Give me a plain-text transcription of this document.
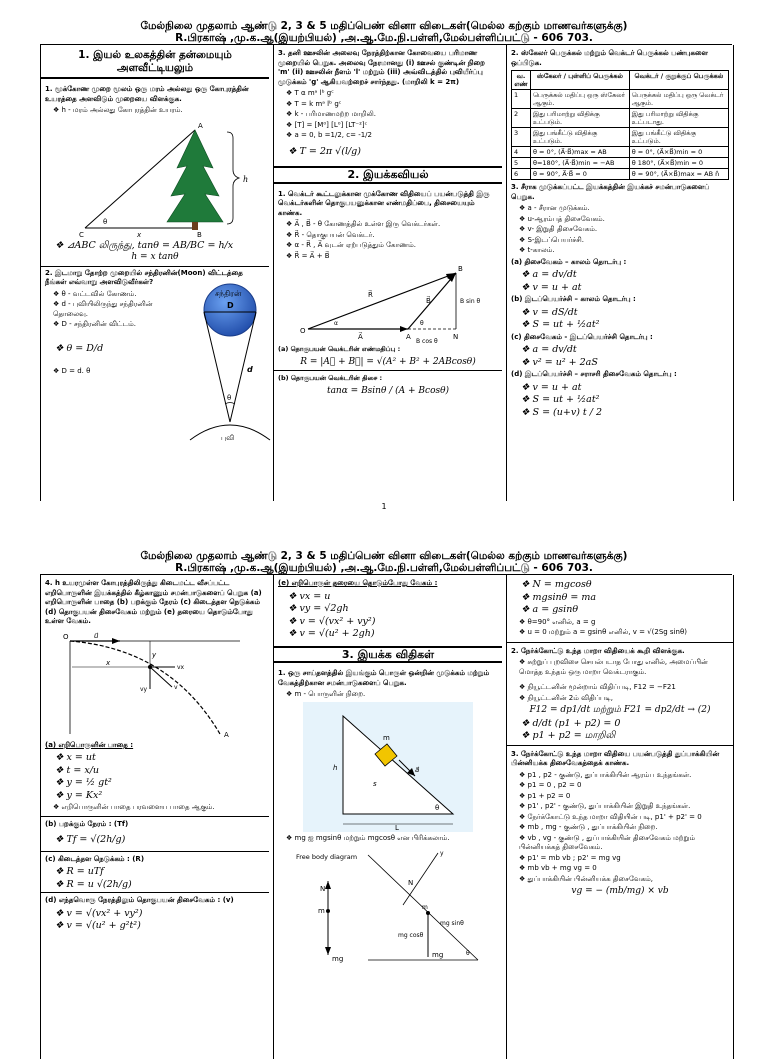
மேல்நிலை முதலாம் ஆண்டு 2, 3 & 5 மதிப்பெண் வினா விடைகள்(மெல்ல கற்கும் மாணவர்களுக்கு)
R.பிரகாஷ் ,மு.க.ஆ(இயற்பியல்) ,அ.ஆ.மே.நி.பள்ளி,மேல்பள்ளிப்பட்டு - 606 703.
1. இயல் உலகத்தின் தன்மையும் அளவீட்டியலும்
1. மூக்கோண முறை மூலம் ஒரு மரம் அல்லது ஒரு கோபுரத்தின் உயரத்தை அளவிடும் முறையை விளக்குக.
❖ h - மரம் அல்லது கோபுரத்தின் உயரம்.
h
A
C	x	B
θ
❖ ⊿ABC லிருந்து, tanθ = AB/BC = h/x
h = x tanθ
2. இடமாறு தோற்ற முறையில் சந்திரனின்(Moon) விட்டத்தை நீங்கள் எவ்வாறு அளவிடுவீர்கள்?
❖ θ - வட்டவில் கோணம்.
❖ d - புவியிலிருந்து சந்திரனின் தொலைவு.
❖ D - சந்திரனின் விட்டம்.
❖ θ = D/d
❖ D = d. θ
சந்திரன்
D
θ
d
புவி
3. தனி ஊசலின் அலைவு நேரத்திற்கான கோவையை பரிமாண முறையில் பெறுக. அலைவு நேரமானது (i) ஊசல் குண்டின் நிறை 'm' (ii) ஊசலின் நீளம் 'l' மற்றும் (iii) அவ்விடத்தில் புவியீர்ப்பு முடுக்கம் 'g' ஆகியவற்றைச் சார்ந்தது. (மாறிலி k = 2π)
❖ T α mᵃ lᵇ gᶜ
❖ T = k mᵃ lᵇ gᶜ
❖ k - பரிமாணமற்ற மாறிலி.
❖ [T] = [M⁰] [L⁰] [LT⁻²]ᶜ
❖ a = 0, b =1/2, c= -1/2
❖ T = 2π √(l/g)
2. இயக்கவியல்
1. வெக்டர் கூட்டலுக்கான முக்கோண விதியைப் பயன்படுத்தி இரு வெக்டர்களின் தொகுபயனுக்கான எண்மதிப்பை, திசையையும் காண்க.
❖ A⃗ , B⃗ - θ கோணத்தில் உள்ள இரு வெக்டர்கள்.
❖ R⃗ - தொகுபயன் வெக்டர்.
❖ α - R⃗ , A⃗ வுடன் ஏற்படுத்தும் கோணம்.
❖ R⃗ = A⃗ + B⃗
O
B
A	N
A⃗
B⃗
R⃗
α	θ
B sin θ
B cos θ
(a) தொகுபயன் வெக்டரின் எண்மதிப்பு :
R = |A⃗ + B⃗| = √(A² + B² + 2ABcosθ)
(b) தொகுபயன் வெக்டரின் திசை :
tanα = Bsinθ / (A + Bcosθ)
2. ஸ்கேலர் பெருக்கல் மற்றும் வெக்டர் பெருக்கல் பண்புகளை ஒப்பிடுக.
வ. எண்	ஸ்கேலர் / புள்ளிப் பெருக்கல்	வெக்டர் / குறுக்குப் பெருக்கல்
1	பெருக்கல் மதிப்பு ஒரு ஸ்கேலர் ஆகும்.	பெருக்கல் மதிப்பு ஒரு வெக்டர் ஆகும்.
2	இது பரிமாற்று விதிக்கு உட்படும்.	இது பரிமாற்று விதிக்கு உட்படாது.
3	இது பங்கீட்டு விதிக்கு உட்படும்.	இது பங்கீட்டு விதிக்கு உட்படும்.
4	θ = 0°, (A⃗·B⃗)max = AB	θ = 0°, (A⃗×B⃗)min = 0
5	θ=180°, (A⃗·B⃗)min = −AB	θ 180°, (A⃗×B⃗)min = 0
6	θ = 90°, A⃗·B⃗ = 0	θ = 90°, (A⃗×B⃗)max = AB n̂
3. சீராக முடுக்கப்பட்ட இயக்கத்தின் இயக்கச் சமன்பாடுகளைப் பெறுக.
❖ a - சீரான முடுக்கம்.
❖ u-ஆரம்பத் திசைவேகம்.
❖ v- இறுதி திசைவேகம்.
❖ S-இடப்பெயர்ச்சி.
❖ t-காலம்.
(a) திசைவேகம் – காலம் தொடர்பு :
❖ a = dv/dt
❖ v = u + at
(b) இடப்பெயர்ச்சி – காலம் தொடர்பு :
❖ v = dS/dt
❖ S = ut + ½at²
(c) திசைவேகம் - இடப்பெயர்ச்சி தொடர்பு :
❖ a = dv/dt
❖ v² = u² + 2aS
(d) இடப்பெயர்ச்சி – சராசரி திசைவேகம் தொடர்பு :
❖ v = u + at
❖ S = ut + ½at²
❖ S = (u+v) t / 2
1
மேல்நிலை முதலாம் ஆண்டு 2, 3 & 5 மதிப்பெண் வினா விடைகள்(மெல்ல கற்கும் மாணவர்களுக்கு)
R.பிரகாஷ் ,மு.க.ஆ(இயற்பியல்) ,அ.ஆ.மே.நி.பள்ளி,மேல்பள்ளிப்பட்டு - 606 703.
4. h உயரமுள்ள கோபுரத்திலிருந்து கிடைமட்ட வீசப்பட்ட எறிபொருளின் இயக்கத்தில் கீழ்காணும் சமன்பாடுகளைப் பெறுக (a) எறிபொருளின் பாதை (b) பறக்கும் நேரம் (c) கிடைத்தள நெடுக்கம் (d) தொகுபயன் திசைவேகம் மற்றும் (e) தரையை தொடும்போது உள்ள வேகம்.
u⃗
O
x
y
vx
vy	v
A
(a) எறிபொருளின் பாதை :
❖ x = ut
❖ t = x/u
❖ y = ½ gt²
❖ y = Kx²
❖ எறிபொருளின் பாதை பரவளைய பாதை ஆகும்.
(b) பறக்கும் நேரம் : (Tf)
❖ Tf = √(2h/g)
(c) கிடைத்தள நெடுக்கம் : (R)
❖ R = uTf
❖ R = u √(2h/g)
(d) எந்தவொரு நேரத்திலும் தொகுபயன் திசைவேகம் : (v)
❖ v = √(vx² + vy²)
❖ v = √(u² + g²t²)
(e) எறிபொருள் தரையை தொடும்போது வேகம் :
❖ vx = u
❖ vy = √2gh
❖ v = √(vx² + vy²)
❖ v = √(u² + 2gh)
3. இயக்க விதிகள்
1. ஒரு சாய்தளத்தில் இயங்கும் பொருள் ஒன்றின் முடுக்கம் மற்றும் வேகத்திற்கான சமன்பாடுகளைப் பெறுக.
❖ m - பொருளின் நிறை.
m
a⃗
s
h
L
θ
❖ mg ஐ mgsinθ மற்றும் mgcosθ என பிரிக்கலாம்.
Free body diagram
N
m
mg
y
N
mg
mg cosθ
mg sinθ
m
θ
❖ N = mgcosθ
❖ mgsinθ = ma
❖ a = gsinθ
❖ θ=90° எனில், a = g
❖ u = 0 மற்றும் a = gsinθ எனில், v = √(2Sg sinθ)
2. நேர்க்கோட்டு உந்த மாறா விதியைக் கூறி விளக்குக.
❖ சுற்றுப் புறவிசை செயல்படாத போது எனில், அமைப்பின் மொத்த உந்தம் ஒரு மாறா வெக்டராகும்.
❖ நியூட்டனின் மூன்றாம் விதிப்படி, F12 = −F21
❖ நியூட்டனின் 2ம் விதிப்படி,
F12 = dp1/dt மற்றும் F21 = dp2/dt → (2)
❖ d/dt (p1 + p2) = 0
❖ p1 + p2 = மாறிலி
3. நேர்க்கோட்டு உந்த மாறா விதியை பயன்படுத்தி துப்பாக்கியின் பின்னியக்க திசைவேகத்தைக் காண்க.
❖ p1 , p2 - குண்டு, துப்பாக்கியின் ஆரம்ப உந்தங்கள்.
❖ p1 = 0 , p2 = 0
❖ p1 + p2 = 0
❖ p1' , p2' - குண்டு, துப்பாக்கியின் இறுதி உந்தங்கள்.
❖ நேர்க்கோட்டு உந்த மாறா விதியின் படி, p1' + p2' = 0
❖ mb , mg - குண்டு , துப்பாக்கியின் நிறை.
❖ vb , vg - குண்டு , துப்பாக்கியின் திசைவேகம் மற்றும் பின்னியக்கத் திசைவேகம்.
❖ p1' = mb vb ; p2' = mg vg
❖ mb vb + mg vg = 0
❖ துப்பாக்கியின் பின்னியக்க திசைவேகம்,
vg = − (mb/mg) × vb
